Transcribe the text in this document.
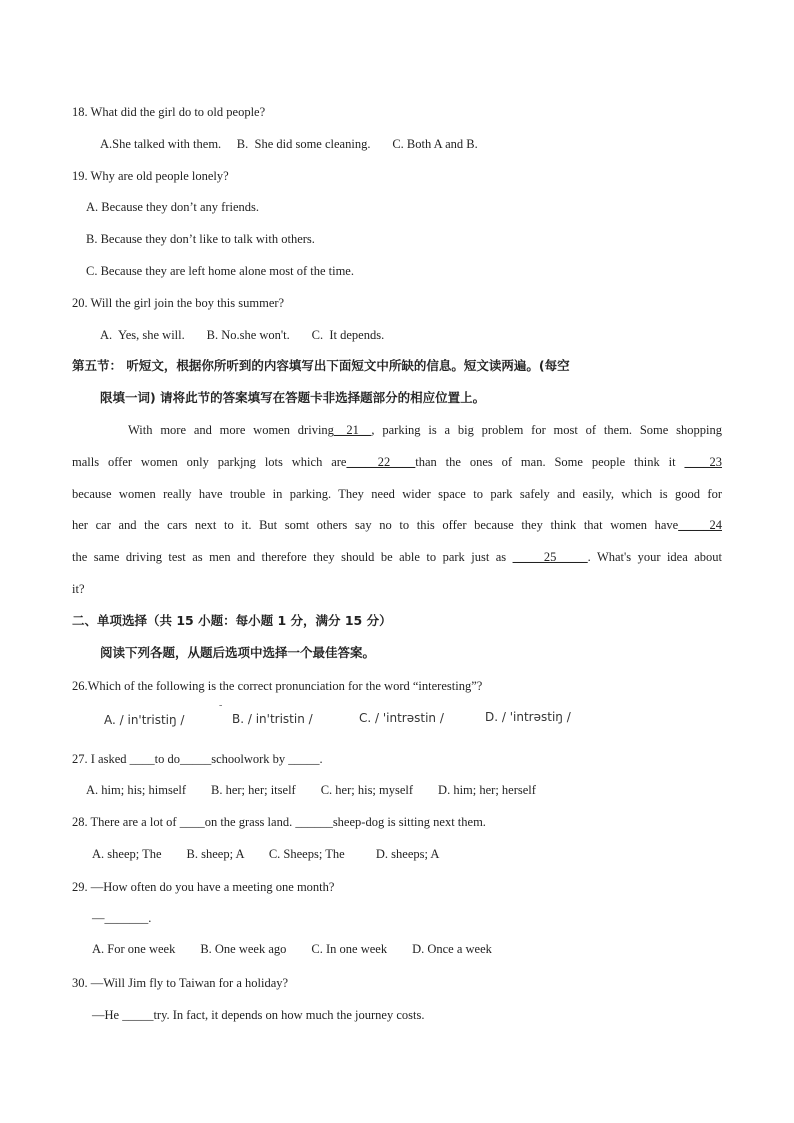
18. What did the girl do to old people?
A.She talked with them.     B.  She did some cleaning.       C. Both A and B.
19. Why are old people lonely?
A. Because they don’t any friends.
B. Because they don’t like to talk with others.
C. Because they are left home alone most of the time.
20. Will the girl join the boy this summer?
A.  Yes, she will.       B. No.she won't.       C.  It depends.
第五节： 听短文，根据你所听到的内容填写出下面短文中所缺的信息。短文读两遍。(每空
限填一词) 请将此节的答案填写在答题卡非选择题部分的相应位置上。
With more and more women driving__21__, parking is a big problem for most of them. Some shopping
malls offer women only parkjng lots which are_____22____than the ones of man. Some people think it ____23
because women really have trouble in parking. They need wider space to park safely and easily, which is good for
her car and the cars next to it. But somt others say no to this offer because they think that women have_____24
the same driving test as men and therefore they should be able to park just as _____25_____. What's your idea about
it?
二、单项选择（共 15 小题：每小题 1 分，满分 15 分）
阅读下列各题，从题后选项中选择一个最佳答案。
26.Which of the following is the correct pronunciation for the word “interesting”?
-
A. / in'tristiŋ /	B. / in'tristin /	C. / 'intrəstin /	D. / 'intrəstiŋ /
27. I asked ____to do_____schoolwork by _____.
A. him; his; himself        B. her; her; itself        C. her; his; myself        D. him; her; herself
28. There are a lot of ____on the grass land. ______sheep-dog is sitting next them.
A. sheep; The        B. sheep; A        C. Sheeps; The          D. sheeps; A
29. —How often do you have a meeting one month?
—_______.
A. For one week        B. One week ago        C. In one week        D. Once a week
30. —Will Jim fly to Taiwan for a holiday?
—He _____try. In fact, it depends on how much the journey costs.
